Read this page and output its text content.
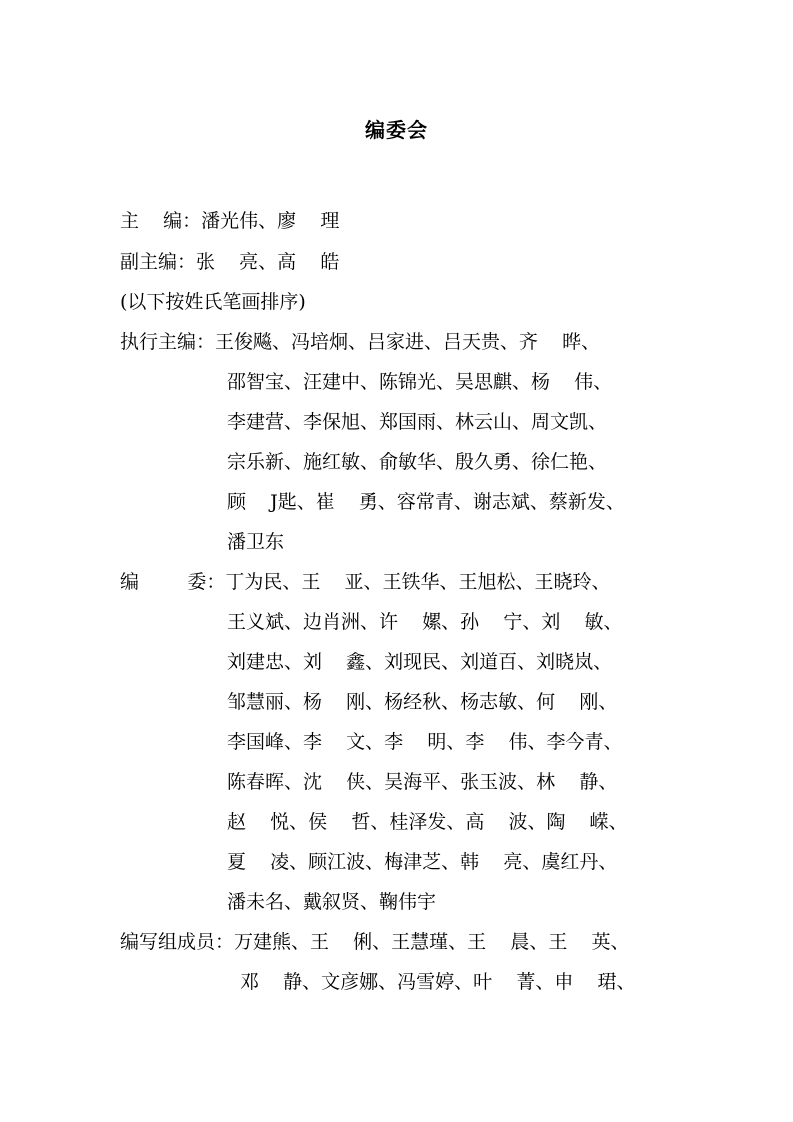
编委会
主    编：潘光伟、廖    理
副主编：张    亮、高    皓
(以下按姓氏笔画排序)
执行主编：王俊飚、冯培炯、吕家进、吕天贵、齐    晔、
邵智宝、汪建中、陈锦光、吴思麒、杨    伟、
李建营、李保旭、郑国雨、林云山、周文凯、
宗乐新、施红敏、俞敏华、殷久勇、徐仁艳、
顾    J匙、崔    勇、容常青、谢志斌、蔡新发、
潘卫东
编        委：丁为民、王    亚、王铁华、王旭松、王晓玲、
王义斌、边肖洲、许    嫘、孙    宁、刘    敏、
刘建忠、刘    鑫、刘现民、刘道百、刘晓岚、
邹慧丽、杨    刚、杨经秋、杨志敏、何    刚、
李国峰、李    文、李    明、李    伟、李今青、
陈春晖、沈    侠、吴海平、张玉波、林    静、
赵    悦、侯    哲、桂泽发、高    波、陶    嵘、
夏    凌、顾江波、梅津芝、韩    亮、虞红丹、
潘未名、戴叙贤、鞠伟宇
编写组成员：万建熊、王    俐、王慧瑾、王    晨、王    英、
邓    静、文彦娜、冯雪婷、叶    菁、申    珺、
